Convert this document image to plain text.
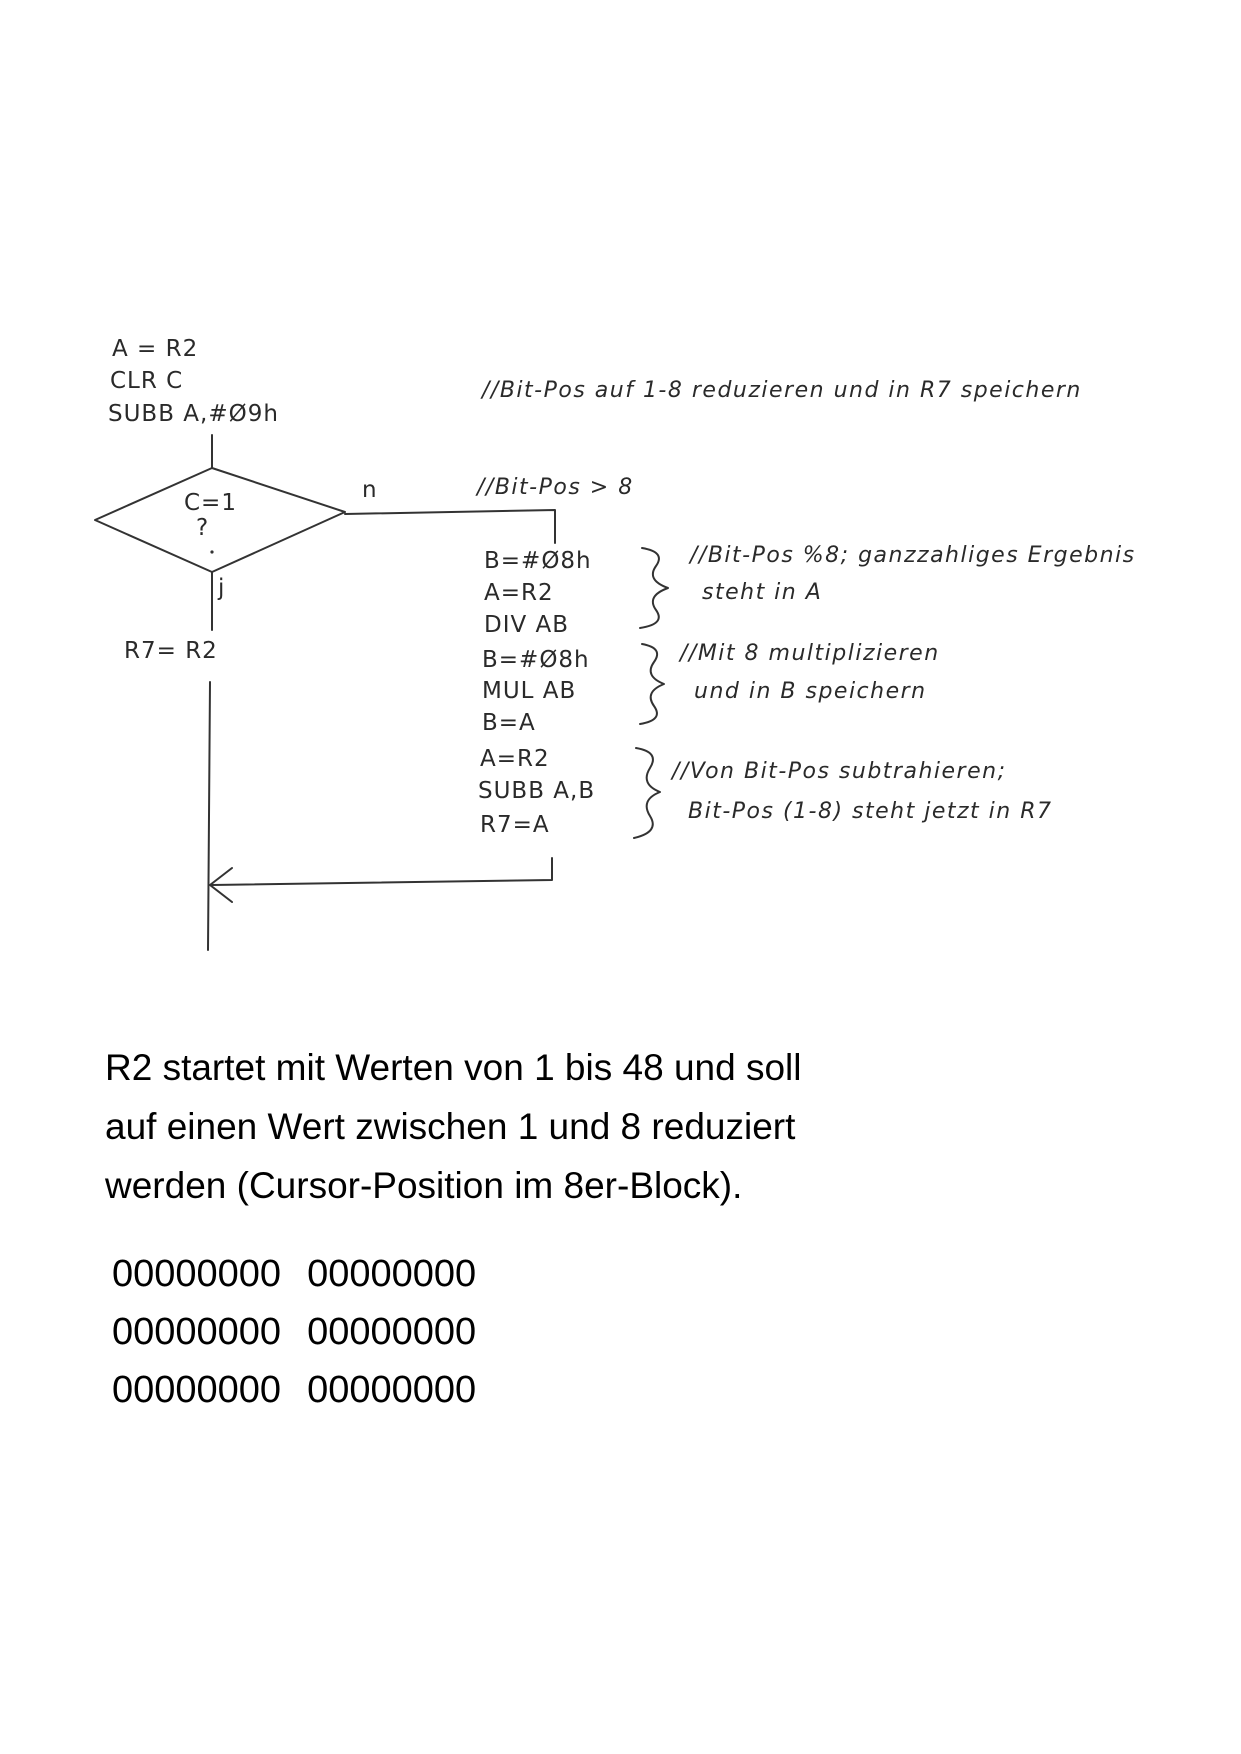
A = R2
CLR C
SUBB A,#Ø9h
//Bit-Pos auf 1-8 reduzieren und in R7 speichern
C=1
?
n	//Bit-Pos > 8
j
R7= R2
B=#Ø8h
A=R2
DIV AB
//Bit-Pos %8; ganzzahliges Ergebnis
steht in A
B=#Ø8h
MUL AB
B=A
//Mit 8 multiplizieren
und in B speichern
A=R2
SUBB A,B
R7=A
//Von Bit-Pos subtrahieren;
Bit-Pos (1-8) steht jetzt in R7
R2 startet mit Werten von 1 bis 48 und soll
auf einen Wert zwischen 1 und 8 reduziert
werden (Cursor-Position im 8er-Block).
00000000 00000000
00000000 00000000
00000000 00000000
